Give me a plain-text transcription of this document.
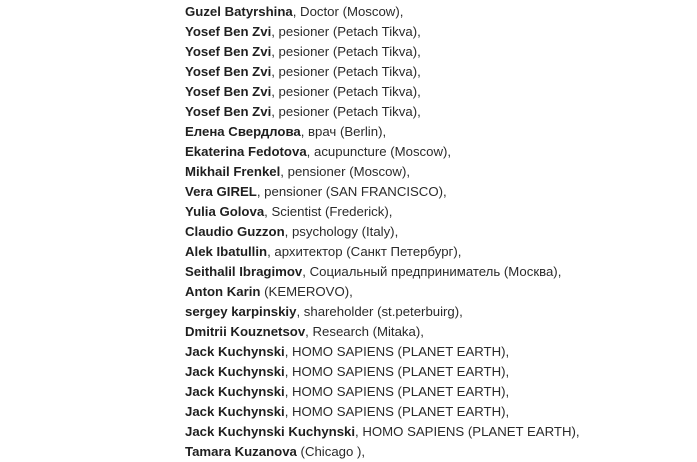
Guzel Batyrshina, Doctor (Moscow),
Yosef Ben Zvi, pesioner (Petach Tikva),
Yosef Ben Zvi, pesioner (Petach Tikva),
Yosef Ben Zvi, pesioner (Petach Tikva),
Yosef Ben Zvi, pesioner (Petach Tikva),
Yosef Ben Zvi, pesioner (Petach Tikva),
Елена Свердлова, врач (Berlin),
Ekaterina Fedotova, acupuncture (Moscow),
Mikhail Frenkel, pensioner (Moscow),
Vera GIREL, pensioner (SAN FRANCISCO),
Yulia Golova, Scientist (Frederick),
Claudio Guzzon, psychology (Italy),
Alek Ibatullin, архитектор (Санкт Петербург),
Seithalil Ibragimov, Социальный предприниматель (Москва),
Anton Karin (KEMEROVO),
sergey karpinskiy, shareholder (st.peterbuirg),
Dmitrii Kouznetsov, Research (Mitaka),
Jack Kuchynski, HOMO SAPIENS (PLANET EARTH),
Jack Kuchynski, HOMO SAPIENS (PLANET EARTH),
Jack Kuchynski, HOMO SAPIENS (PLANET EARTH),
Jack Kuchynski, HOMO SAPIENS (PLANET EARTH),
Jack Kuchynski Kuchynski, HOMO SAPIENS (PLANET EARTH),
Tamara Kuzanova (Chicago ),
